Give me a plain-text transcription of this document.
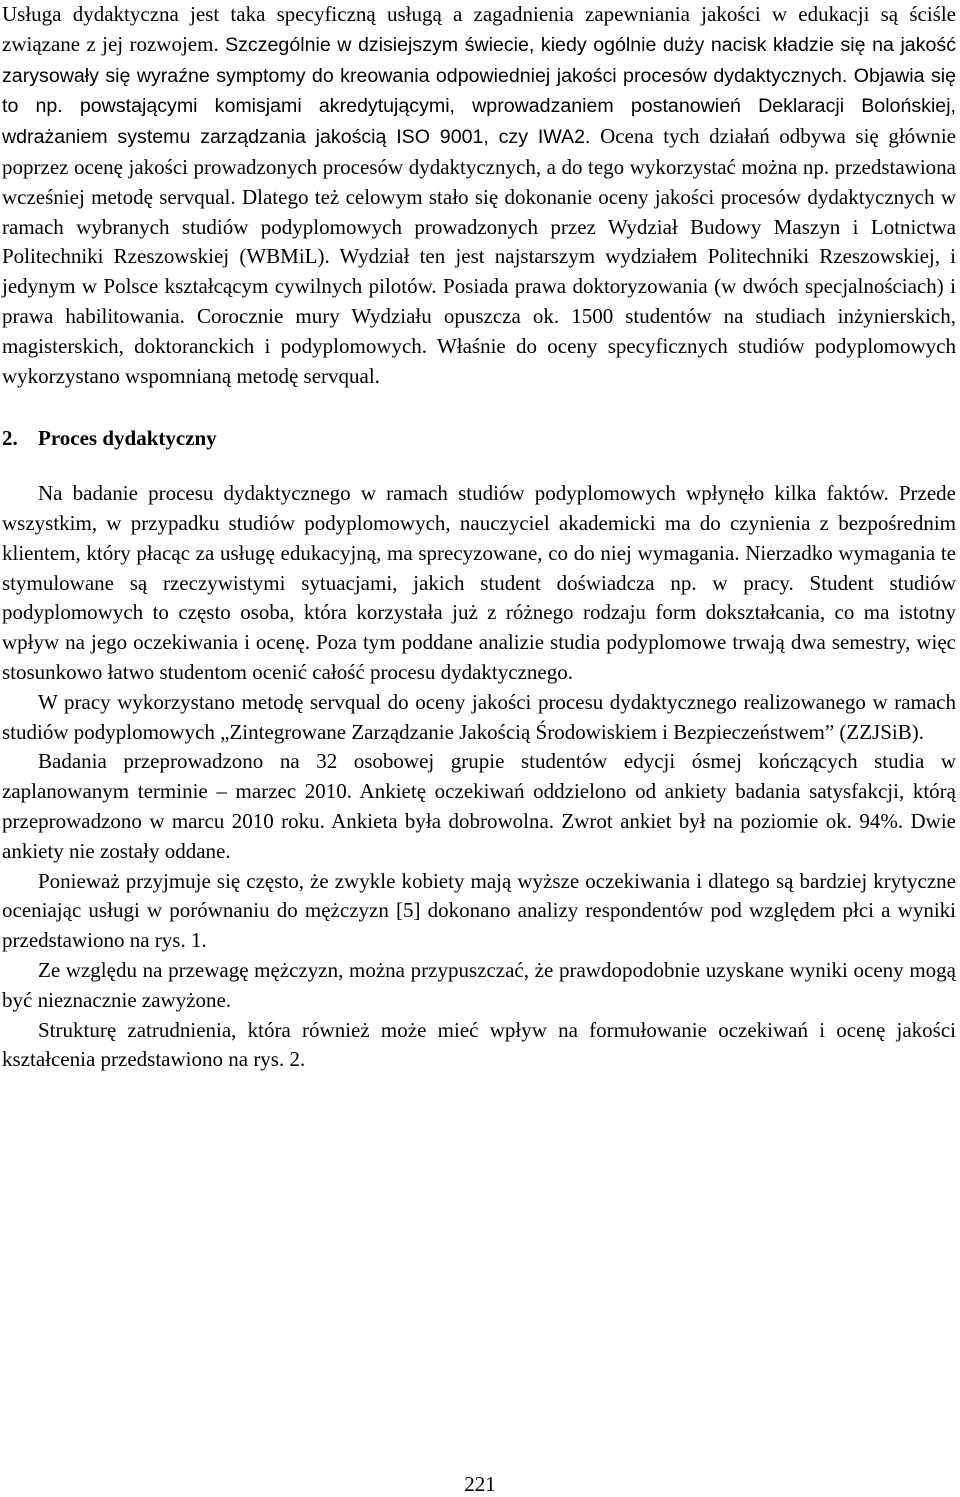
Usługa dydaktyczna jest taka specyficzną usługą a zagadnienia zapewniania jakości w edukacji są ściśle związane z jej rozwojem. Szczególnie w dzisiejszym świecie, kiedy ogólnie duży nacisk kładzie się na jakość zarysowały się wyraźne symptomy do kreowania odpowiedniej jakości procesów dydaktycznych. Objawia się to np. powstającymi komisjami akredytującymi, wprowadzaniem postanowień Deklaracji Bolońskiej, wdrażaniem systemu zarządzania jakością ISO 9001, czy IWA2. Ocena tych działań odbywa się głównie poprzez ocenę jakości prowadzonych procesów dydaktycznych, a do tego wykorzystać można np. przedstawiona wcześniej metodę servqual. Dlatego też celowym stało się dokonanie oceny jakości procesów dydaktycznych w ramach wybranych studiów podyplomowych prowadzonych przez Wydział Budowy Maszyn i Lotnictwa Politechniki Rzeszowskiej (WBMiL). Wydział ten jest najstarszym wydziałem Politechniki Rzeszowskiej, i jedynym w Polsce kształcącym cywilnych pilotów. Posiada prawa doktoryzowania (w dwóch specjalnościach) i prawa habilitowania. Corocznie mury Wydziału opuszcza ok. 1500 studentów na studiach inżynierskich, magisterskich, doktoranckich i podyplomowych. Właśnie do oceny specyficznych studiów podyplomowych wykorzystano wspomnianą metodę servqual.

2. Proces dydaktyczny

Na badanie procesu dydaktycznego w ramach studiów podyplomowych wpłynęło kilka faktów. Przede wszystkim, w przypadku studiów podyplomowych, nauczyciel akademicki ma do czynienia z bezpośrednim klientem, który płacąc za usługę edukacyjną, ma sprecyzowane, co do niej wymagania. Nierzadko wymagania te stymulowane są rzeczywistymi sytuacjami, jakich student doświadcza np. w pracy. Student studiów podyplomowych to często osoba, która korzystała już z różnego rodzaju form dokształcania, co ma istotny wpływ na jego oczekiwania i ocenę. Poza tym poddane analizie studia podyplomowe trwają dwa semestry, więc stosunkowo łatwo studentom ocenić całość procesu dydaktycznego.

W pracy wykorzystano metodę servqual do oceny jakości procesu dydaktycznego realizowanego w ramach studiów podyplomowych „Zintegrowane Zarządzanie Jakością Środowiskiem i Bezpieczeństwem” (ZZJSiB).

Badania przeprowadzono na 32 osobowej grupie studentów edycji ósmej kończących studia w zaplanowanym terminie – marzec 2010. Ankietę oczekiwań oddzielono od ankiety badania satysfakcji, którą przeprowadzono w marcu 2010 roku. Ankieta była dobrowolna. Zwrot ankiet był na poziomie ok. 94%. Dwie ankiety nie zostały oddane.

Ponieważ przyjmuje się często, że zwykle kobiety mają wyższe oczekiwania i dlatego są bardziej krytyczne oceniając usługi w porównaniu do mężczyzn [5] dokonano analizy respondentów pod względem płci a wyniki przedstawiono na rys. 1.

Ze względu na przewagę mężczyzn, można przypuszczać, że prawdopodobnie uzyskane wyniki oceny mogą być nieznacznie zawyżone.

Strukturę zatrudnienia, która również może mieć wpływ na formułowanie oczekiwań i ocenę jakości kształcenia przedstawiono na rys. 2.

221
